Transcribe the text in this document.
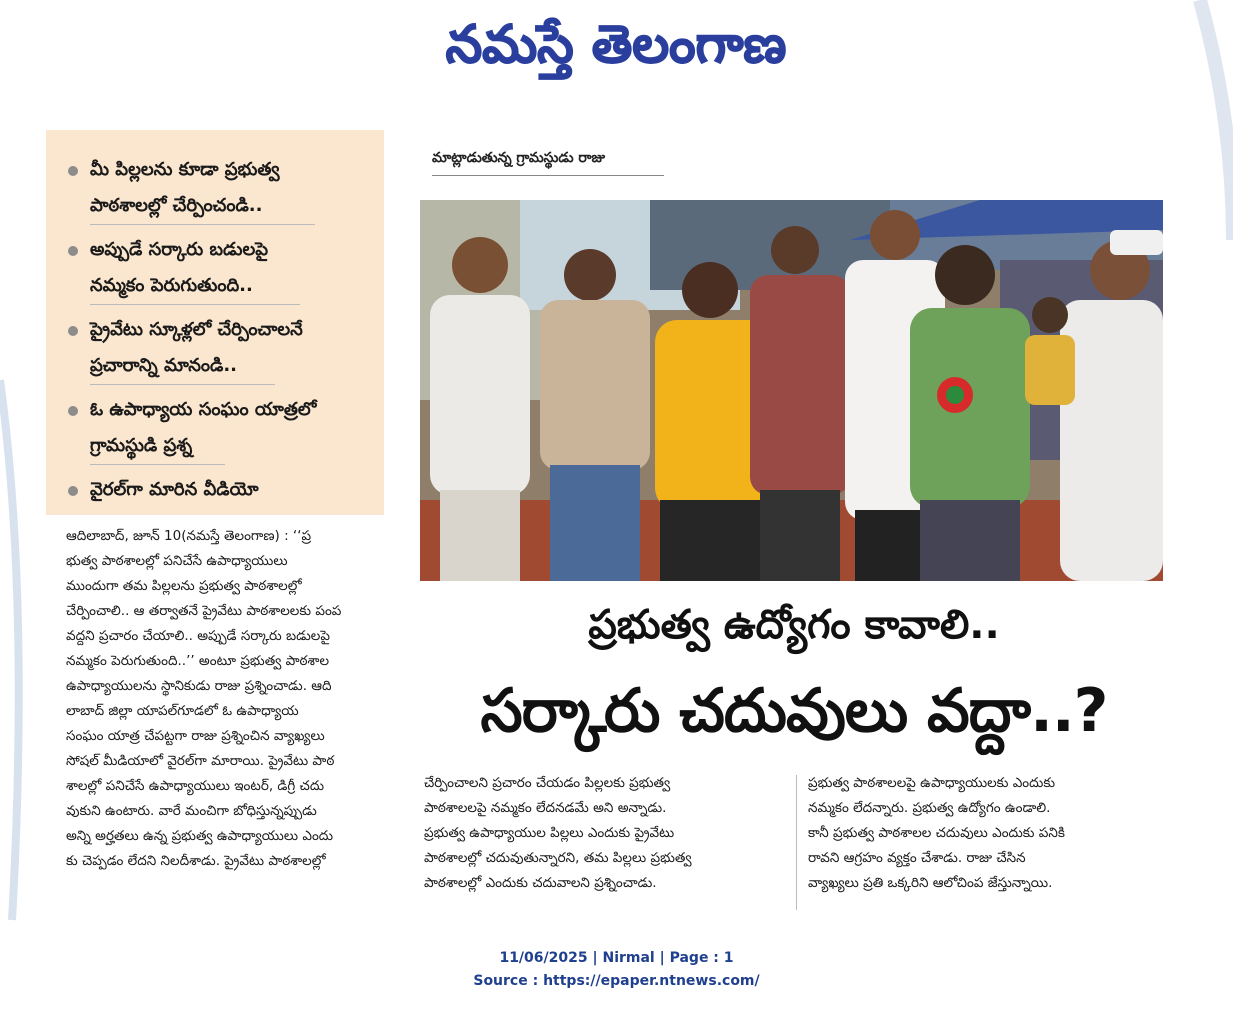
నమస్తే తెలంగాణ
మీ పిల్లలను కూడా ప్రభుత్వ
పాఠశాలల్లో చేర్పించండి..
అప్పుడే సర్కారు బడులపై
నమ్మకం పెరుగుతుంది..
ప్రైవేటు స్కూళ్లలో చేర్పించాలనే
ప్రచారాన్ని మానండి..
ఓ ఉపాధ్యాయ సంఘం యాత్రలో
గ్రామస్థుడి ప్రశ్న
వైరల్‌గా మారిన వీడియో
మాట్లాడుతున్న గ్రామస్థుడు రాజు
ప్రభుత్వ ఉద్యోగం కావాలి..
సర్కారు చదువులు వద్దా..?
ఆదిలాబాద్, జూన్ 10(నమస్తే తెలంగాణ) : ‘‘ప్ర
భుత్వ పాఠశాలల్లో పనిచేసే ఉపాధ్యాయులు
ముందుగా తమ పిల్లలను ప్రభుత్వ పాఠశాలల్లో
చేర్పించాలి.. ఆ తర్వాతనే ప్రైవేటు పాఠశాలలకు పంప
వద్దని ప్రచారం చేయాలి.. అప్పుడే సర్కారు బడులపై
నమ్మకం పెరుగుతుంది..’’ అంటూ ప్రభుత్వ పాఠశాల
ఉపాధ్యాయులను స్థానికుడు రాజు ప్రశ్నించాడు. ఆది
లాబాద్ జిల్లా యాపల్‌గూడలో ఓ ఉపాధ్యాయ
సంఘం యాత్ర చేపట్టగా రాజు ప్రశ్నించిన వ్యాఖ్యలు
సోషల్ మీడియాలో వైరల్‌గా మారాయి. ప్రైవేటు పాఠ
శాలల్లో పనిచేసే ఉపాధ్యాయులు ఇంటర్, డిగ్రీ చదు
వుకుని ఉంటారు. వారే మంచిగా బోధిస్తున్నప్పుడు
అన్ని అర్హతలు ఉన్న ప్రభుత్వ ఉపాధ్యాయులు ఎందు
కు చెప్పడం లేదని నిలదీశాడు. ప్రైవేటు పాఠశాలల్లో
చేర్పించాలని ప్రచారం చేయడం పిల్లలకు ప్రభుత్వ
పాఠశాలలపై నమ్మకం లేదనడమే అని అన్నాడు.
ప్రభుత్వ ఉపాధ్యాయుల పిల్లలు ఎందుకు ప్రైవేటు
పాఠశాలల్లో చదువుతున్నారని, తమ పిల్లలు ప్రభుత్వ
పాఠశాలల్లో ఎందుకు చదువాలని ప్రశ్నించాడు.
ప్రభుత్వ పాఠశాలలపై ఉపాధ్యాయులకు ఎందుకు
నమ్మకం లేదన్నారు. ప్రభుత్వ ఉద్యోగం ఉండాలి.
కానీ ప్రభుత్వ పాఠశాలల చదువులు ఎందుకు పనికి
రావని ఆగ్రహం వ్యక్తం చేశాడు. రాజు చేసిన
వ్యాఖ్యలు ప్రతి ఒక్కరిని ఆలోచింప జేస్తున్నాయి.
11/06/2025 | Nirmal | Page : 1
Source : https://epaper.ntnews.com/
